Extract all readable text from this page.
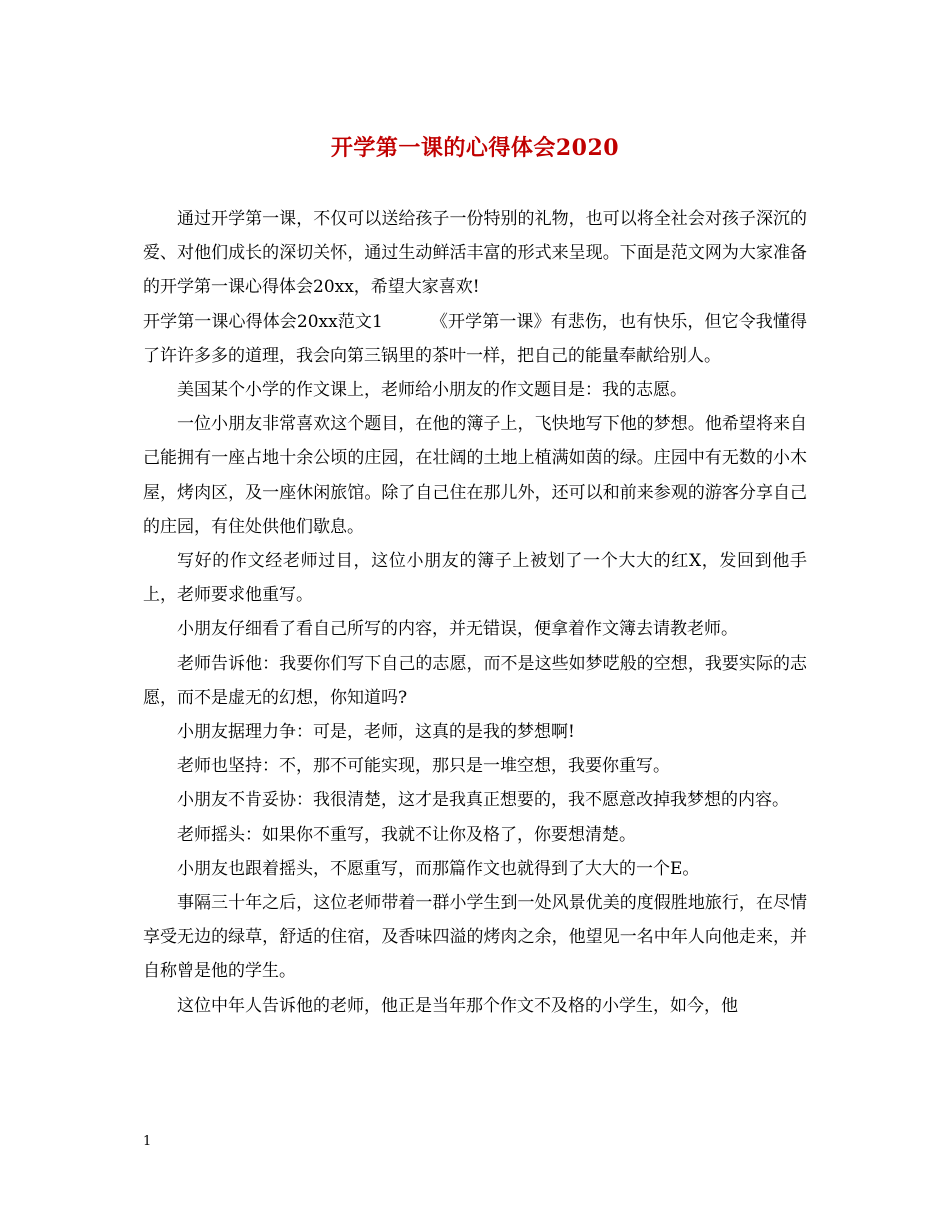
开学第一课的心得体会2020

通过开学第一课，不仅可以送给孩子一份特别的礼物，也可以将全社会对孩子深沉的爱、对他们成长的深切关怀，通过生动鲜活丰富的形式来呈现。下面是范文网为大家准备的开学第一课心得体会20xx，希望大家喜欢!

开学第一课心得体会20xx范文1	《开学第一课》有悲伤，也有快乐，但它令我懂得了许许多多的道理，我会向第三锅里的茶叶一样，把自己的能量奉献给别人。

美国某个小学的作文课上，老师给小朋友的作文题目是：我的志愿。

一位小朋友非常喜欢这个题目，在他的簿子上，飞快地写下他的梦想。他希望将来自己能拥有一座占地十余公顷的庄园，在壮阔的土地上植满如茵的绿。庄园中有无数的小木屋，烤肉区，及一座休闲旅馆。除了自己住在那儿外，还可以和前来参观的游客分享自己的庄园，有住处供他们歇息。

写好的作文经老师过目，这位小朋友的簿子上被划了一个大大的红X，发回到他手上，老师要求他重写。

小朋友仔细看了看自己所写的内容，并无错误，便拿着作文簿去请教老师。

老师告诉他：我要你们写下自己的志愿，而不是这些如梦呓般的空想，我要实际的志愿，而不是虚无的幻想，你知道吗?

小朋友据理力争：可是，老师，这真的是我的梦想啊!

老师也坚持：不，那不可能实现，那只是一堆空想，我要你重写。

小朋友不肯妥协：我很清楚，这才是我真正想要的，我不愿意改掉我梦想的内容。

老师摇头：如果你不重写，我就不让你及格了，你要想清楚。

小朋友也跟着摇头，不愿重写，而那篇作文也就得到了大大的一个E。

事隔三十年之后，这位老师带着一群小学生到一处风景优美的度假胜地旅行，在尽情享受无边的绿草，舒适的住宿，及香味四溢的烤肉之余，他望见一名中年人向他走来，并自称曾是他的学生。

这位中年人告诉他的老师，他正是当年那个作文不及格的小学生，如今，他

1
